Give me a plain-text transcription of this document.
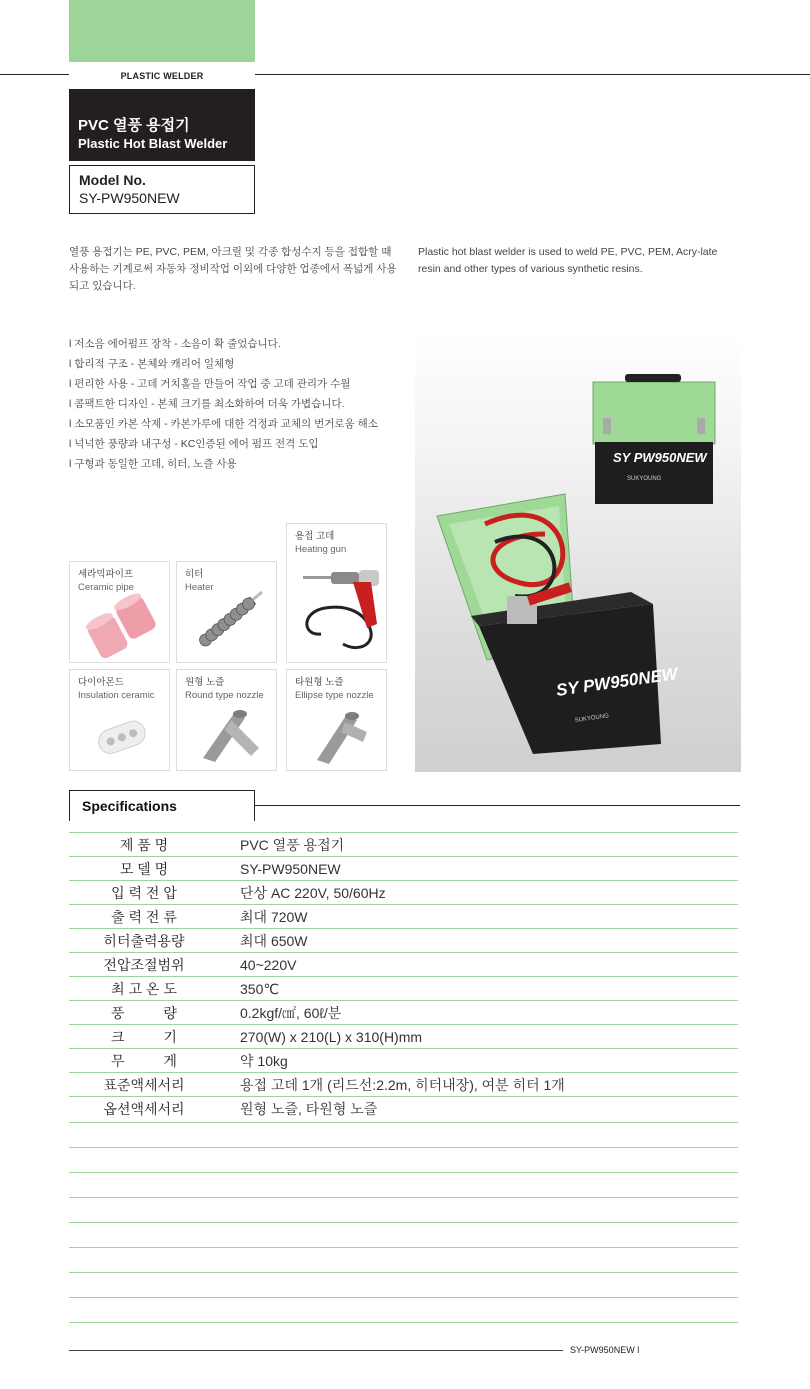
PLASTIC WELDER
PVC 열풍 용접기
Plastic Hot Blast Welder
Model No.
SY-PW950NEW
열풍 용접기는 PE, PVC, PEM, 아크릴 및 각종 합성수지 등을 접합할 때 사용하는 기계로써 자동차 정비작업 이외에 다양한 업종에서 폭넓게 사용되고 있습니다.
Plastic hot blast welder is used to weld PE, PVC, PEM, Acry-late resin and other types of various synthetic resins.
l 저소음 에어펌프 장착 - 소음이 확 줄었습니다.
l 합리적 구조 - 본체와 캐리어 일체형
l 편리한 사용 - 고데 거치홀을 만들어 작업 중 고데 관리가 수월
l 콤팩트한 디자인 - 본체 크기를 최소화하여 더욱 가볍습니다.
l 소모품인 카본 삭제 - 카본가루에 대한 걱정과 교체의 번거로움 해소
l 넉넉한 풍량과 내구성 - KC인증된 에어 펌프 전격 도입
l 구형과 동일한 고데, 히터, 노즐 사용
용접 고데
Heating gun
세라믹파이프
Ceramic pipe
히터
Heater
다이아몬드
Insulation ceramic
원형 노즐
Round type nozzle
타원형 노즐
Ellipse type nozzle
SY PW950NEW
SUKYOUNG
SY PW950NEW
SUKYOUNG
Specifications
제 품 명	PVC 열풍 용접기
모 델 명	SY-PW950NEW
입 력 전 압	단상 AC 220V, 50/60Hz
출 력 전 류	최대 720W
히터출력용량	최대 650W
전압조절범위	40~220V
최 고 온 도	350℃
풍          량	0.2kgf/㎠, 60ℓ/분
크          기	270(W) x 210(L) x 310(H)mm
무          게	약 10kg
표준액세서리	용접 고데 1개 (리드선:2.2m, 히터내장), 여분 히터 1개
옵션액세서리	원형 노즐, 타원형 노즐
SY-PW950NEW l
